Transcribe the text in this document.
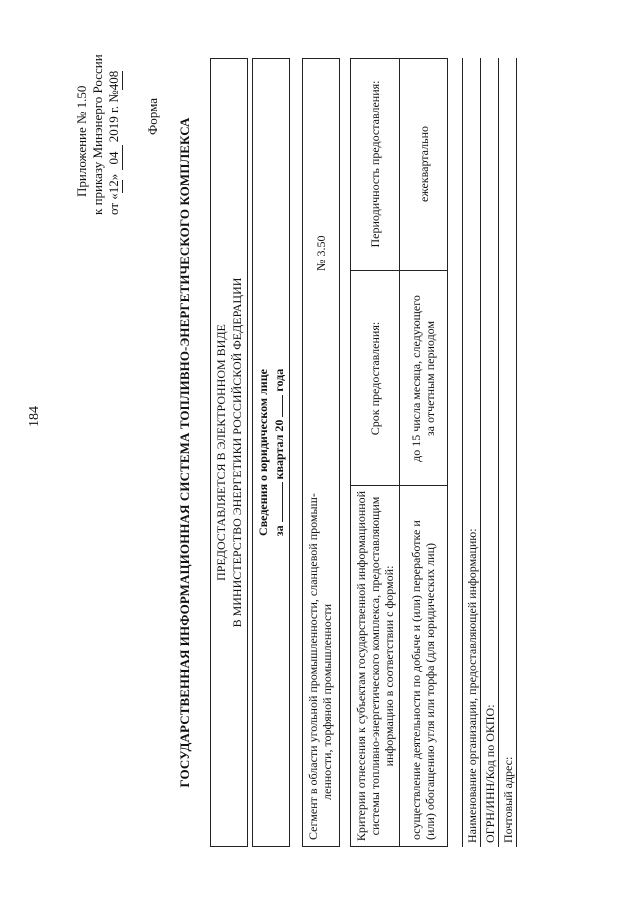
184
Приложение № 1.50 к приказу Минэнерго России от «12» 04 2019 г. №408
Форма
ГОСУДАРСТВЕННАЯ ИНФОРМАЦИОННАЯ СИСТЕМА ТОПЛИВНО-ЭНЕРГЕТИЧЕСКОГО КОМПЛЕКСА ПРЕДОСТАВЛЯЕТСЯ В ЭЛЕКТРОННОМ ВИДЕ В МИНИСТЕРСТВО ЭНЕРГЕТИКИ РОССИЙСКОЙ ФЕДЕРАЦИИ Сведения о юридическом лице за  квартал 20  года
Сегмент в области угольной промышленности, сланцевой промыш- ленности, торфяной промышленности
№ 3.50
Критерии отнесения к субъектам государственной информационной системы топливно-энергетического комплекса, предоставляющим информацию в соответствии с формой:
Срок предоставления:
Периодичность предоставления:
осуществление деятельности по добыче и (или) переработке и (или) обогащению угля или торфа (для юридических лиц)
до 15 числа месяца, следующего за отчетным периодом
ежеквартально
Наименование организации, предоставляющей информацию: ОГРН/ИНН/Код по ОКПО: Почтовый адрес:
